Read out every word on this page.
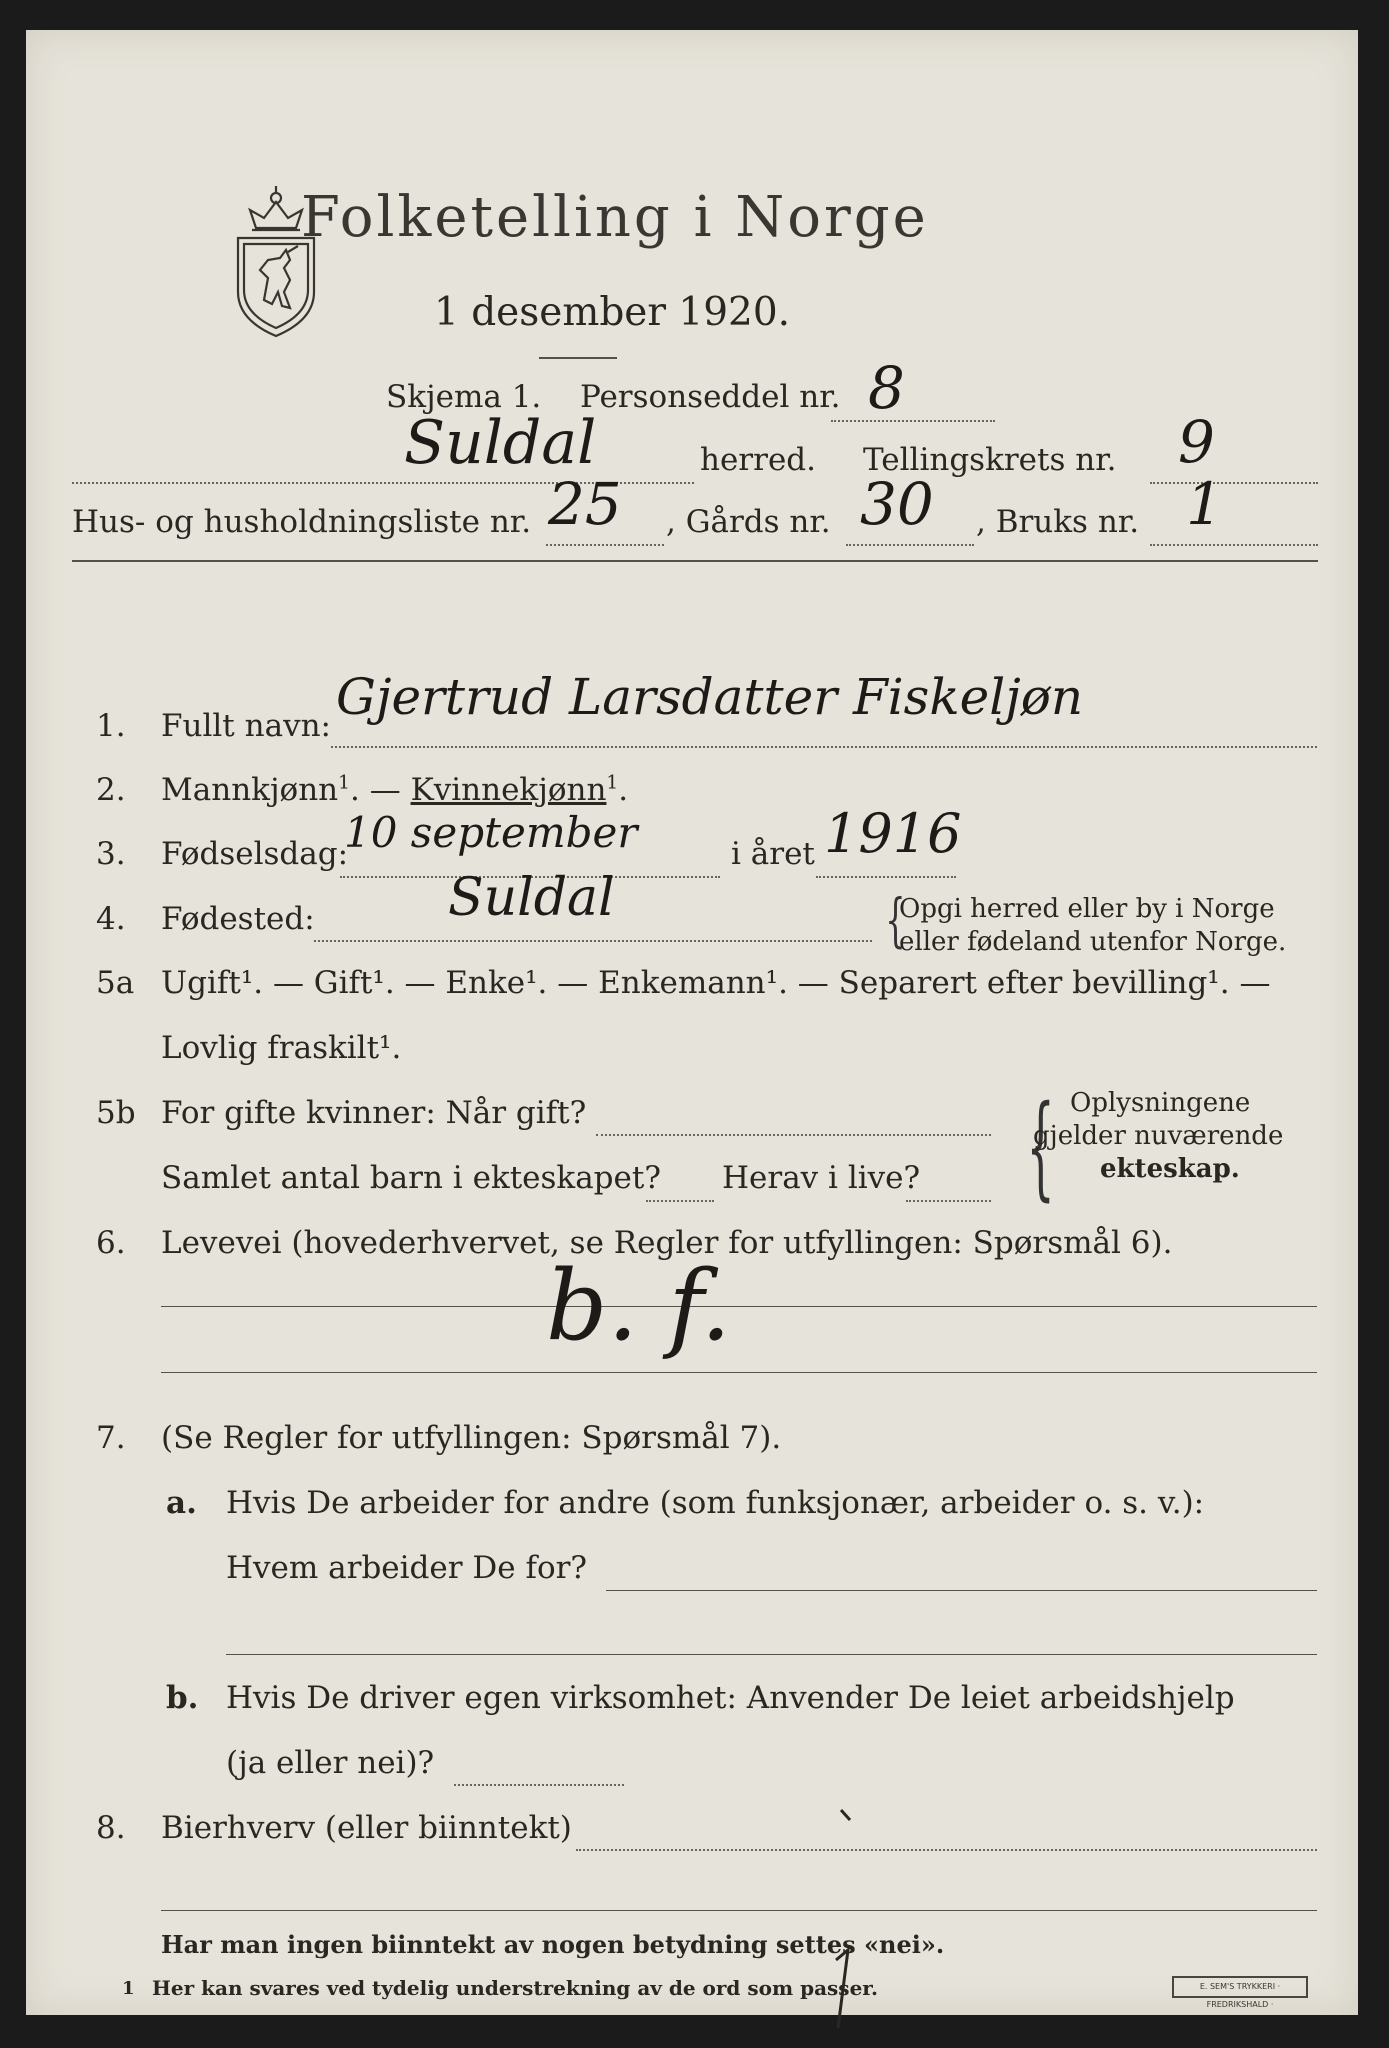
Folketelling i Norge
1 desember 1920.
Skjema 1. Personseddel nr. 8
Suldal	herred. Tellingskrets nr. 9
Hus- og husholdningsliste nr. 25 , Gårds nr. 30 , Bruks nr. 1
1. Fullt navn: Gjertrud Larsdatter Fiskeljøn
2. Mannkjønn$^1$. — Kvinnekjønn$^1$.
3. Fødselsdag:
10 september	i året 1916
4. Fødested:	Suldal	{
Opgi herred eller by i Norge
eller fødeland utenfor Norge.
5a Ugift¹. — Gift¹. — Enke¹. — Enkemann¹. — Separert efter bevilling¹. —
Lovlig fraskilt¹.
5b For gifte kvinner: Når gift?
Samlet antal barn i ekteskapet? Herav i live? { Oplysningene
gjelder nuværende
ekteskap.
6. Levevei (hovederhvervet, se Regler for utfyllingen: Spørsmål 6).
b. f.
7. (Se Regler for utfyllingen: Spørsmål 7).
a. Hvis De arbeider for andre (som funksjonær, arbeider o. s. v.):
Hvem arbeider De for?
b. Hvis De driver egen virksomhet: Anvender De leiet arbeidshjelp
(ja eller nei)?
8. Bierhverv (eller biinntekt)
Har man ingen biinntekt av nogen betydning settes «nei».
1 Her kan svares ved tydelig understrekning av de ord som passer.	E. SEM'S TRYKKERI · FREDRIKSHALD ·
